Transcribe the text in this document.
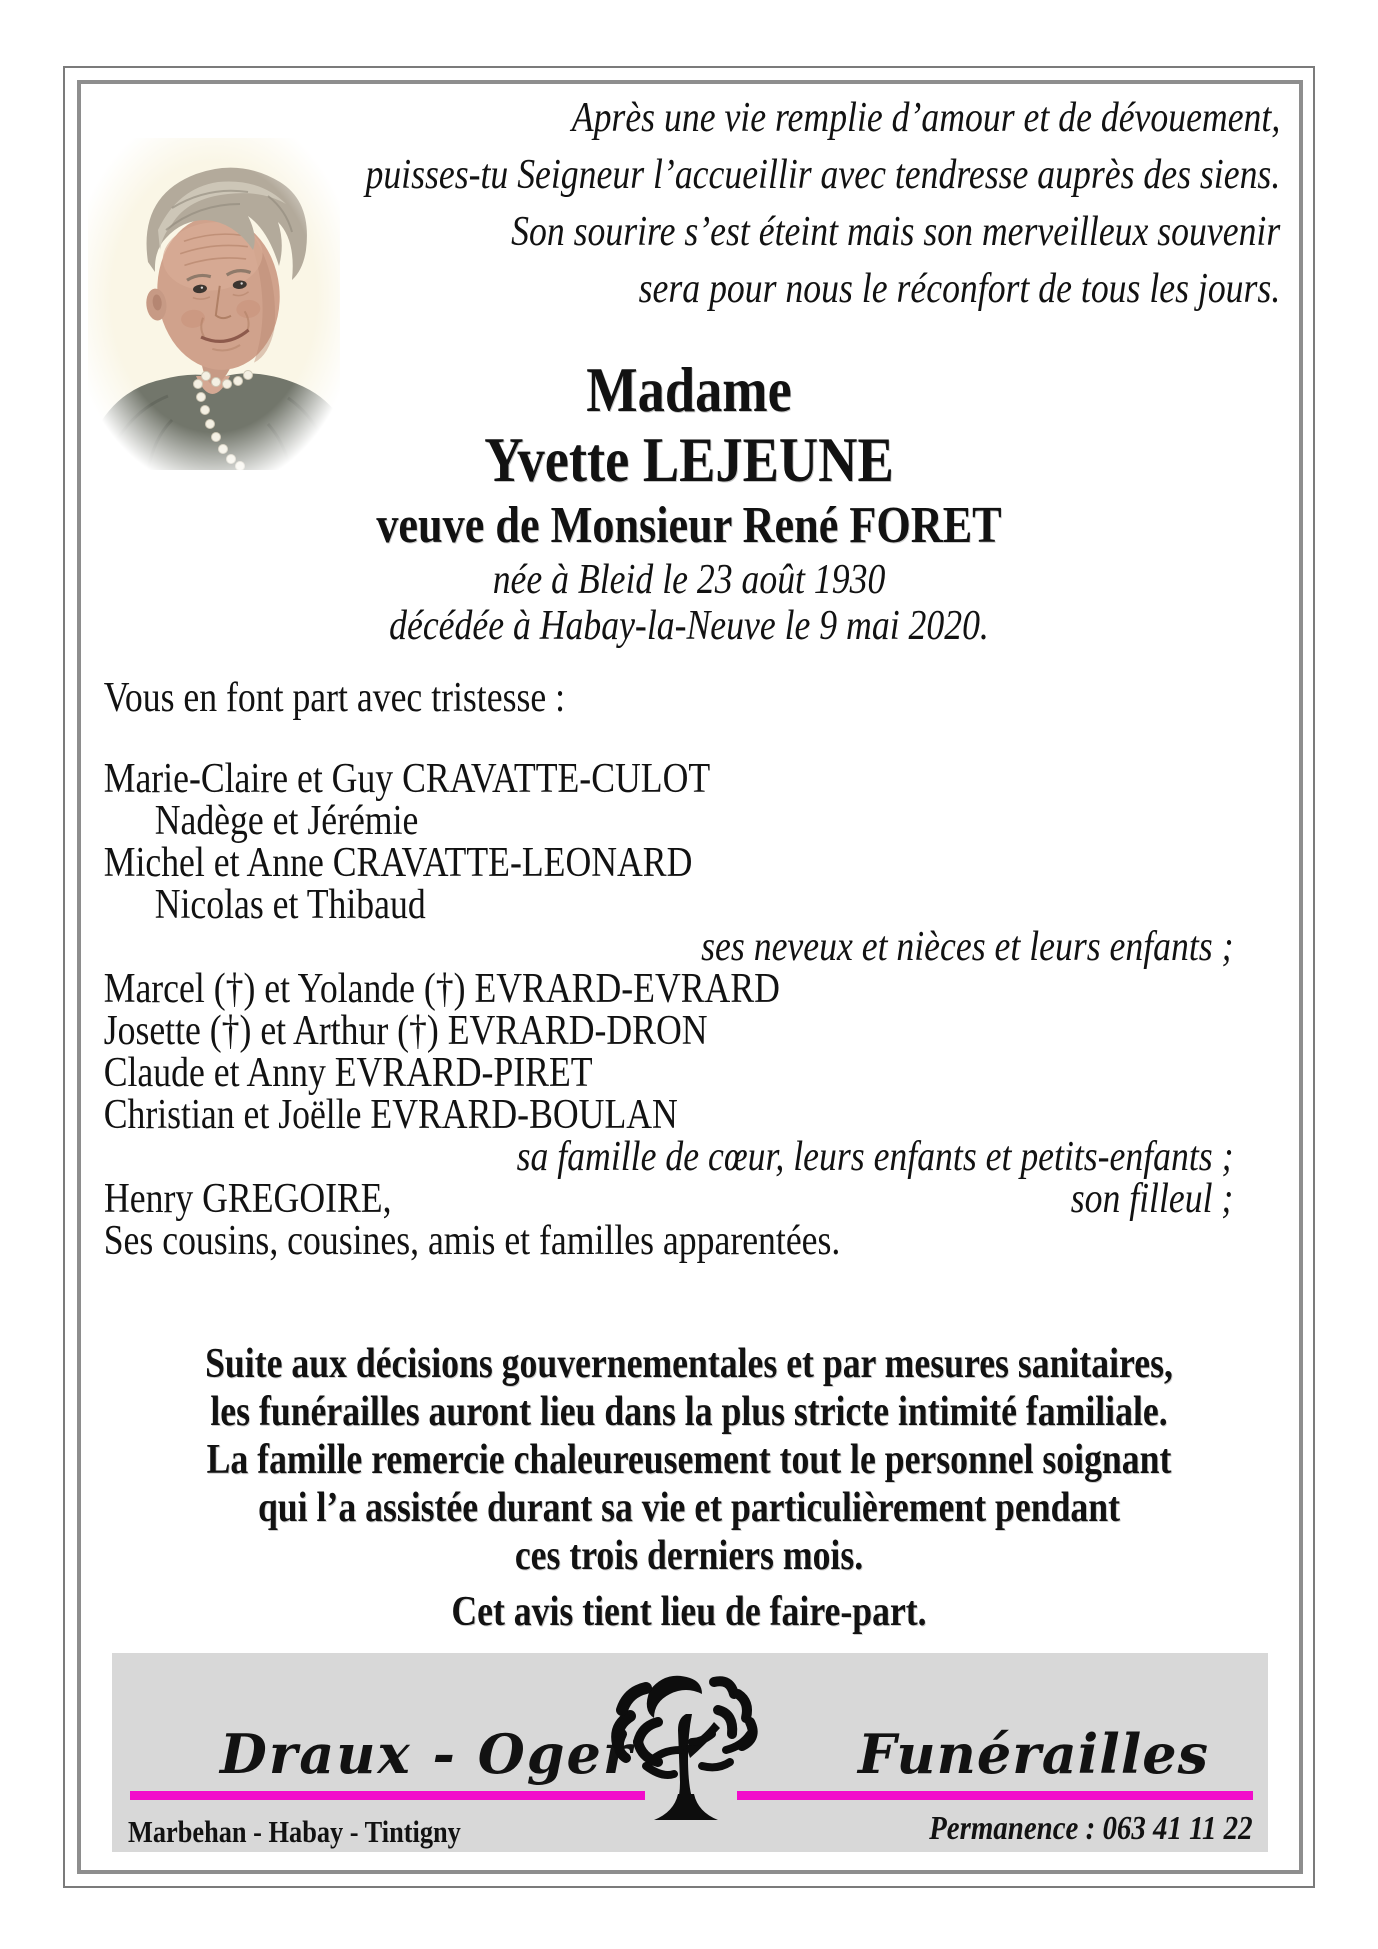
Après une vie remplie d’amour et de dévouement,
puisses-tu Seigneur l’accueillir avec tendresse auprès des siens.
Son sourire s’est éteint mais son merveilleux souvenir
sera pour nous le réconfort de tous les jours.
Madame
Yvette LEJEUNE
veuve de Monsieur René FORET
née à Bleid le 23 août 1930
décédée à Habay-la-Neuve le 9 mai 2020.
Vous en font part avec tristesse :
Marie-Claire et Guy CRAVATTE-CULOT
Nadège et Jérémie
Michel et Anne CRAVATTE-LEONARD
Nicolas et Thibaud
ses neveux et nièces et leurs enfants ;
Marcel (†) et Yolande (†) EVRARD-EVRARD
Josette (†) et Arthur (†) EVRARD-DRON
Claude et Anny EVRARD-PIRET
Christian et Joëlle EVRARD-BOULAN
sa famille de cœur, leurs enfants et petits-enfants ;
Henry GREGOIRE,	son filleul ;
Ses cousins, cousines, amis et familles apparentées.
Suite aux décisions gouvernementales et par mesures sanitaires,
les funérailles auront lieu dans la plus stricte intimité familiale.
La famille remercie chaleureusement tout le personnel soignant
qui l’a assistée durant sa vie et particulièrement pendant
ces trois derniers mois.
Cet avis tient lieu de faire-part.
Draux - Oger	Funérailles
Marbehan - Habay - Tintigny	Permanence : 063 41 11 22
